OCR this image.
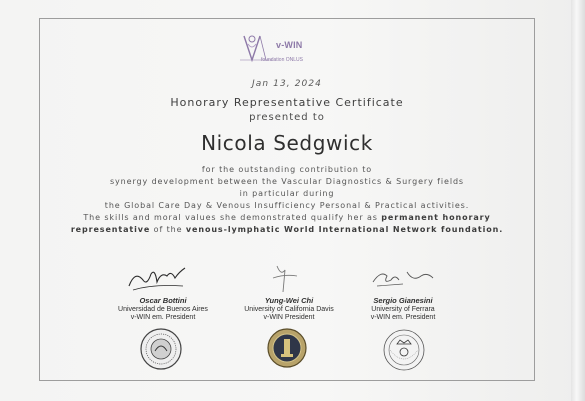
v-WIN
foundation ONLUS
Jan 13, 2024
Honorary Representative Certificate
presented to
Nicola Sedgwick
for the outstanding contribution to
synergy development between the Vascular Diagnostics & Surgery fields
in particular during
the Global Care Day & Venous Insufficiency Personal & Practical activities.
The skills and moral values she demonstrated qualify her as permanent honorary
representative of the venous-lymphatic World International Network foundation.
Oscar Bottini
Universidad de Buenos Aires
v-WIN em. President
Yung-Wei Chi
University of California Davis
v-WIN President
Sergio Gianesini
University of Ferrara
v-WIN em. President
